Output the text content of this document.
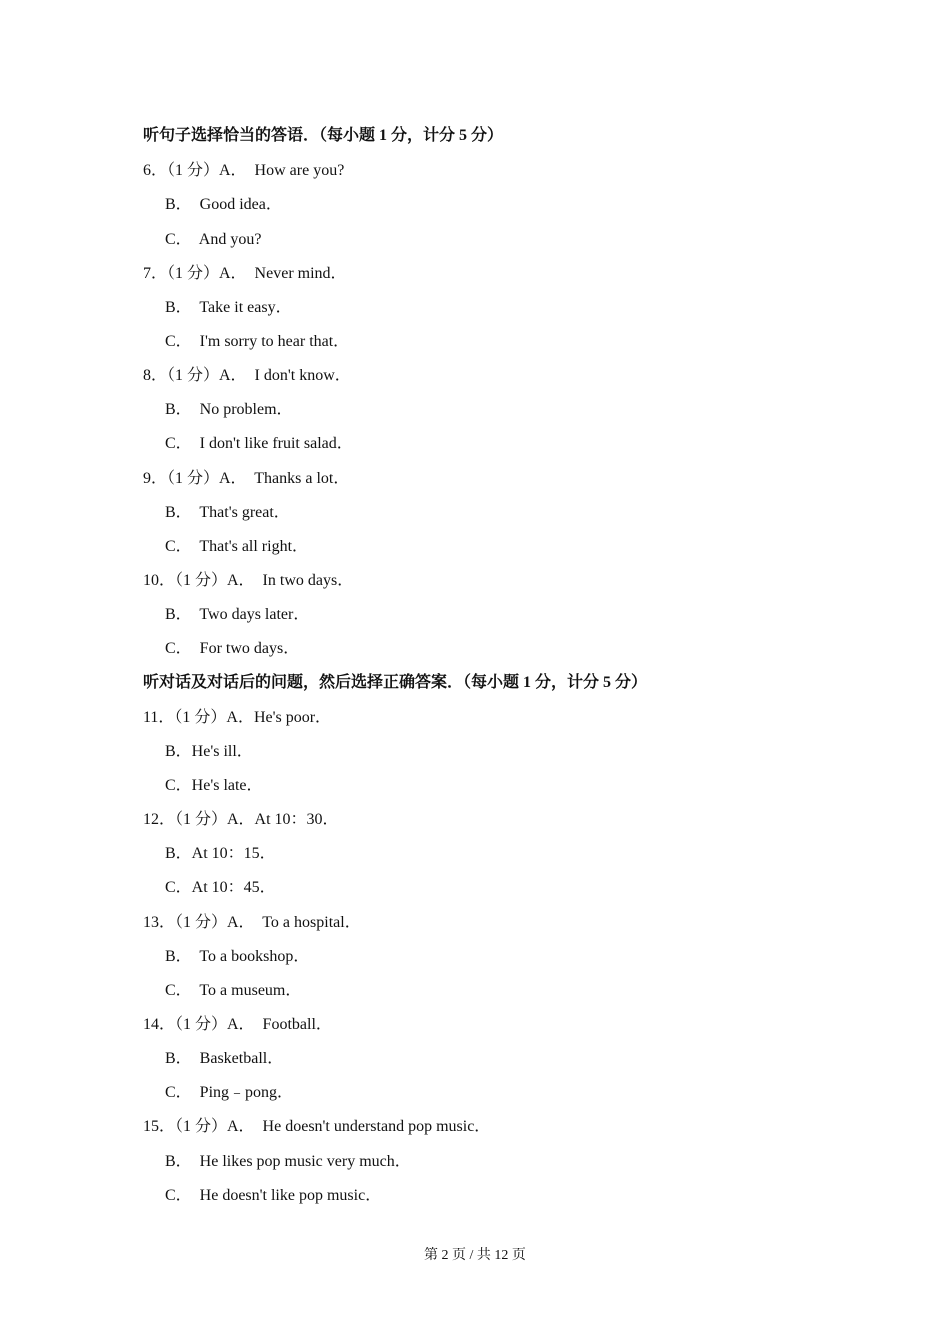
听句子选择恰当的答语．（每小题 1 分，计分 5 分）
6．（1 分）A．  How are you?
B．  Good idea．
C．  And you?
7．（1 分）A．  Never mind．
B．  Take it easy．
C．  I'm sorry to hear that．
8．（1 分）A．  I don't know．
B．  No problem．
C．  I don't like fruit salad．
9．（1 分）A．  Thanks a lot．
B．  That's great．
C．  That's all right．
10．（1 分）A．  In two days．
B．  Two days later．
C．  For two days．
听对话及对话后的问题，然后选择正确答案．（每小题 1 分，计分 5 分）
11．（1 分）A．He's poor．
B．He's ill．
C．He's late．
12．（1 分）A．At 10：30．
B．At 10：15．
C．At 10：45．
13．（1 分）A．  To a hospital．
B．  To a bookshop．
C．  To a museum．
14．（1 分）A．  Football．
B．  Basketball．
C．  Ping﹣pong．
15．（1 分）A．  He doesn't understand pop music．
B．  He likes pop music very much．
C．  He doesn't like pop music．
第 2 页 / 共 12 页
